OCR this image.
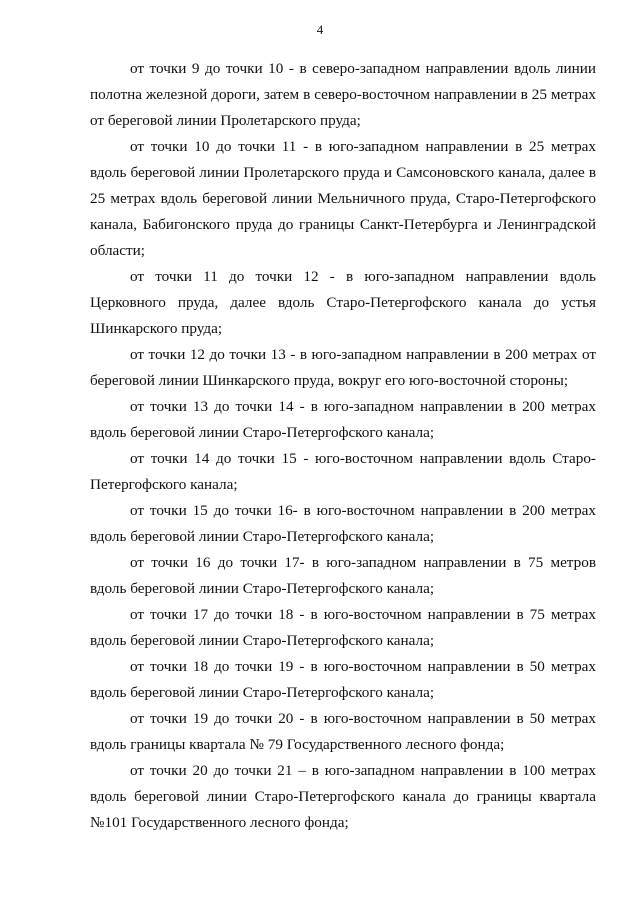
4

от точки 9 до точки 10 - в северо-западном направлении вдоль линии полотна железной дороги, затем в северо-восточном направлении в 25 метрах от береговой линии Пролетарского пруда;

от точки 10 до точки 11 - в юго-западном направлении в 25 метрах вдоль береговой линии Пролетарского пруда и Самсоновского канала, далее в 25 метрах вдоль береговой линии Мельничного пруда, Старо-Петергофского канала, Бабигонского пруда до границы Санкт-Петербурга и Ленинградской области;

от точки 11 до точки 12 - в юго-западном направлении вдоль Церковного пруда, далее вдоль Старо-Петергофского канала до устья Шинкарского пруда;

от точки 12 до точки 13 - в юго-западном направлении в 200 метрах от береговой линии Шинкарского пруда, вокруг его юго-восточной стороны;

от точки 13 до точки 14 - в юго-западном направлении в 200 метрах вдоль береговой линии Старо-Петергофского канала;

от точки 14 до точки 15 - юго-восточном направлении вдоль Старо-Петергофского канала;

от точки 15 до точки 16- в юго-восточном направлении в 200 метрах вдоль береговой линии Старо-Петергофского канала;

от точки 16 до точки 17- в юго-западном направлении в 75 метров вдоль береговой линии Старо-Петергофского канала;

от точки 17 до точки 18 - в юго-восточном направлении в 75 метрах вдоль береговой линии Старо-Петергофского канала;

от точки 18 до точки 19 - в юго-восточном направлении в 50 метрах вдоль береговой линии Старо-Петергофского канала;

от точки 19 до точки 20 - в юго-восточном направлении в 50 метрах вдоль границы квартала № 79 Государственного лесного фонда;

от точки 20 до точки 21 – в юго-западном направлении в 100 метрах вдоль береговой линии Старо-Петергофского канала до границы квартала №101 Государственного лесного фонда;
